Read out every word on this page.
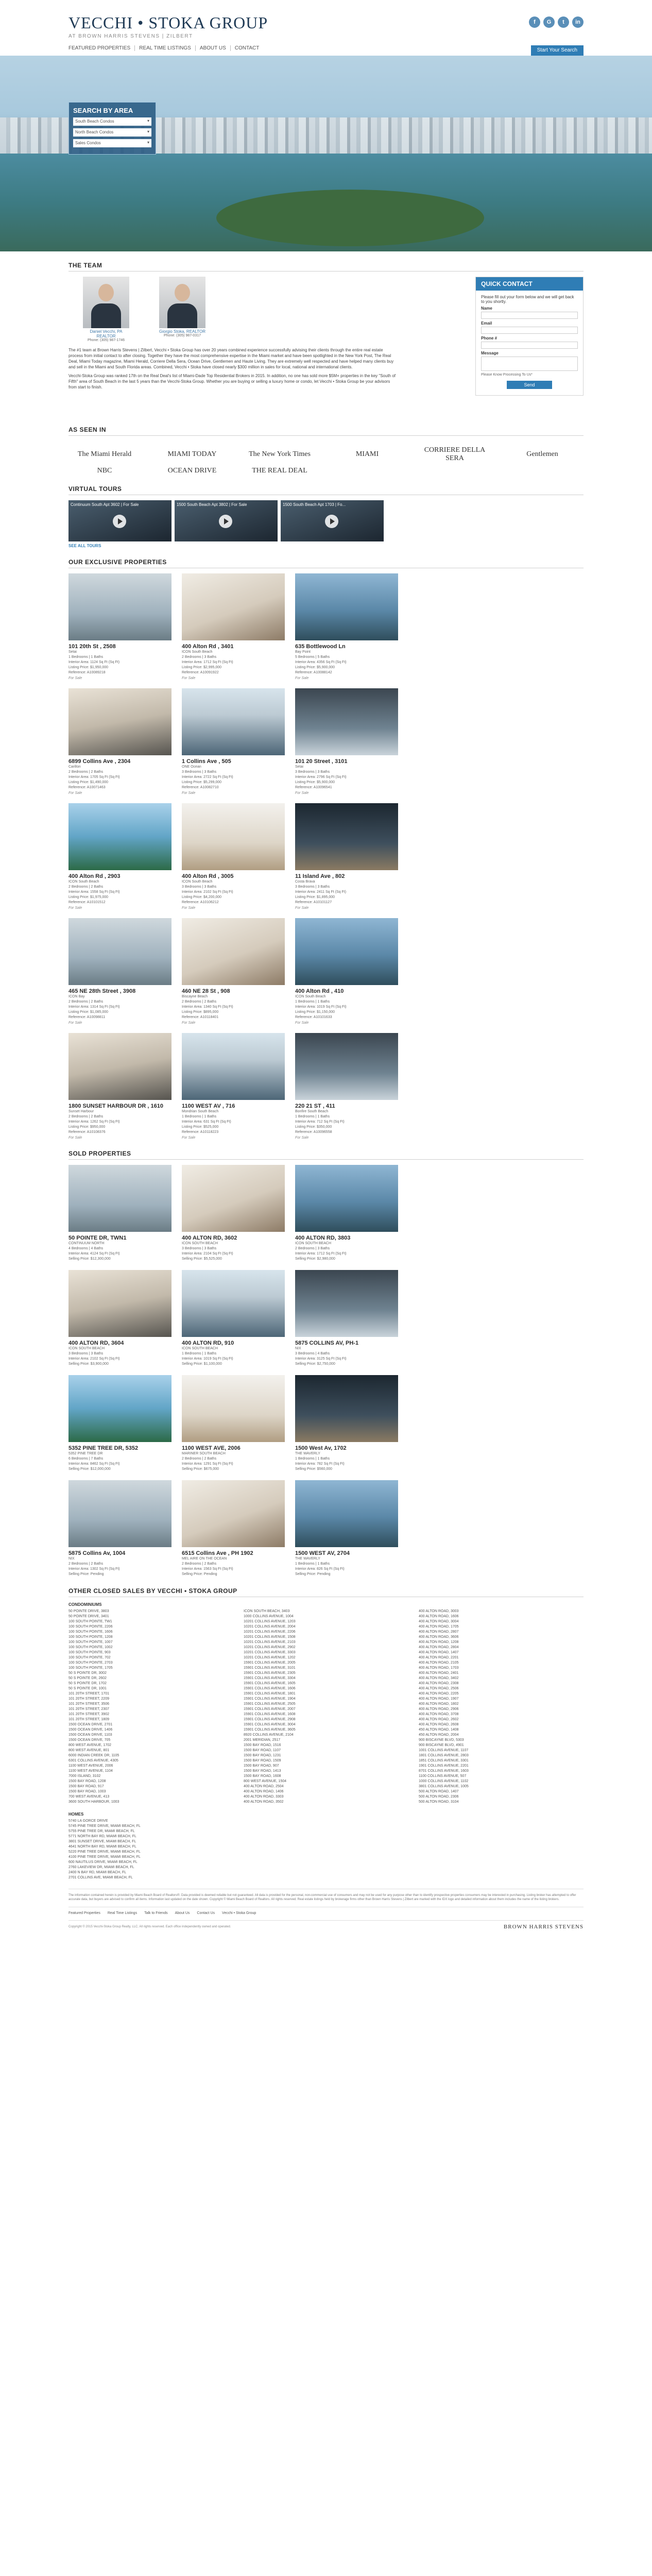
VECCHI • STOKA GROUP
AT BROWN HARRIS STEVENS | ZILBERT
f	G	t	in
FEATURED PROPERTIES	REAL TIME LISTINGS	ABOUT US	CONTACT	Start Your Search
SEARCH BY AREA
South Beach Condos ▾
North Beach Condos ▾
Sales Condos ▾
THE TEAM
Daniel Vecchi, PA REALTOR
Phone: (305) 987-1746
Giorgio Stoka, REALTOR
Phone: (305) 987-0317

The #1 team at Brown Harris Stevens | Zilbert, Vecchi • Stoka Group has over 20 years combined experience successfully advising their clients through the entire real estate process from initial contact to after closing. Together they have the most comprehensive expertise in the Miami market and have been spotlighted in the New York Post, The Real Deal, Miami Today magazine, Miami Herald, Corriere Della Sera, Ocean Drive, Gentlemen and Haute Living. They are extremely well respected and have helped many clients buy and sell in the Miami and South Florida areas. Combined, Vecchi • Stoka have closed nearly $300 million in sales for local, national and international clients.

Vecchi-Stoka Group was ranked 17th on the Real Deal's list of Miami-Dade Top Residential Brokers in 2015. In addition, no one has sold more $5M+ properties in the key "South of Fifth" area of South Beach in the last 5 years than the Vecchi-Stoka Group. Whether you are buying or selling a luxury home or condo, let Vecchi • Stoka Group be your advisors from start to finish.

QUICK CONTACT
Please fill out your form below and we will get back to you shortly.
Name
Email
Phone #
Message
Please Know Processing To Us*
Send
AS SEEN IN
The Miami Herald	MIAMI TODAY	The New York Times	MIAMI
CORRIERE DELLA SERA
Gentlemen
NBC	OCEAN DRIVE	THE REAL DEAL
VIRTUAL TOURS
Continuum South Apt 3602 | For Sale	1500 South Beach Apt 3802 | For Sale	1500 South Beach Apt 1703 | Fo...
SEE ALL TOURS
OUR EXCLUSIVE PROPERTIES
101 20th St , 2508
Setai
1 Bedrooms | 1 Baths
Interior Area: 1124 Sq Ft (Sq Ft)
Listing Price: $1,950,000
Reference: A10089218
For Sale
400 Alton Rd , 3401
ICON South Beach
2 Bedrooms | 3 Baths
Interior Area: 1712 Sq Ft (Sq Ft)
Listing Price: $2,995,000
Reference: A10091922
For Sale
635 Bottlewood Ln
Bay Point
5 Bedrooms | 5 Baths
Interior Area: 4356 Sq Ft (Sq Ft)
Listing Price: $5,900,000
Reference: A10088142
For Sale
6899 Collins Ave , 2304
Carillon
2 Bedrooms | 2 Baths
Interior Area: 1705 Sq Ft (Sq Ft)
Listing Price: $1,490,000
Reference: A10071463
For Sale
1 Collins Ave , 505
ONE Ocean
3 Bedrooms | 3 Baths
Interior Area: 2722 Sq Ft (Sq Ft)
Listing Price: $5,299,000
Reference: A10082710
For Sale
101 20 Street , 3101
Setai
3 Bedrooms | 3 Baths
Interior Area: 2796 Sq Ft (Sq Ft)
Listing Price: $5,900,000
Reference: A10096541
For Sale
400 Alton Rd , 2903
ICON South Beach
2 Bedrooms | 2 Baths
Interior Area: 1558 Sq Ft (Sq Ft)
Listing Price: $1,975,000
Reference: A10101512
For Sale
400 Alton Rd , 3005
ICON South Beach
3 Bedrooms | 3 Baths
Interior Area: 2102 Sq Ft (Sq Ft)
Listing Price: $4,200,000
Reference: A10106212
For Sale
11 Island Ave , 802
Costa Brava
3 Bedrooms | 3 Baths
Interior Area: 2411 Sq Ft (Sq Ft)
Listing Price: $1,895,000
Reference: A10101127
For Sale
465 NE 28th Street , 3908
ICON Bay
2 Bedrooms | 2 Baths
Interior Area: 1314 Sq Ft (Sq Ft)
Listing Price: $1,085,000
Reference: A10098811
For Sale
460 NE 28 St , 908
Biscayne Beach
2 Bedrooms | 2 Baths
Interior Area: 1340 Sq Ft (Sq Ft)
Listing Price: $895,000
Reference: A10118401
For Sale
400 Alton Rd , 410
ICON South Beach
1 Bedrooms | 1 Baths
Interior Area: 1019 Sq Ft (Sq Ft)
Listing Price: $1,150,000
Reference: A10101633
For Sale
1800 SUNSET HARBOUR DR , 1610
Sunset Harbour
2 Bedrooms | 2 Baths
Interior Area: 1262 Sq Ft (Sq Ft)
Listing Price: $950,000
Reference: A10108376
For Sale
1100 WEST AV , 716
Mondrian South Beach
1 Bedrooms | 1 Baths
Interior Area: 631 Sq Ft (Sq Ft)
Listing Price: $525,000
Reference: A10118223
For Sale
220 21 ST , 411
Bonfire South Beach
1 Bedrooms | 1 Baths
Interior Area: 712 Sq Ft (Sq Ft)
Listing Price: $350,000
Reference: A10096558
For Sale
SOLD PROPERTIES
50 POINTE DR, TWN1
CONTINUUM NORTH
4 Bedrooms | 4 Baths
Interior Area: 4124 Sq Ft (Sq Ft)
Selling Price: $12,300,000
400 ALTON RD, 3602
ICON SOUTH BEACH
3 Bedrooms | 3 Baths
Interior Area: 2104 Sq Ft (Sq Ft)
Selling Price: $5,525,000
400 ALTON RD, 3803
ICON SOUTH BEACH
2 Bedrooms | 3 Baths
Interior Area: 1712 Sq Ft (Sq Ft)
Selling Price: $2,980,000
400 ALTON RD, 3604
ICON SOUTH BEACH
3 Bedrooms | 3 Baths
Interior Area: 2102 Sq Ft (Sq Ft)
Selling Price: $3,900,000
400 ALTON RD, 910
ICON SOUTH BEACH
1 Bedrooms | 1 Baths
Interior Area: 1019 Sq Ft (Sq Ft)
Selling Price: $1,100,000
5875 COLLINS AV, PH-1
NIX
3 Bedrooms | 4 Baths
Interior Area: 3125 Sq Ft (Sq Ft)
Selling Price: $2,750,000
5352 PINE TREE DR, 5352
5352 PINE TREE DR
6 Bedrooms | 7 Baths
Interior Area: 8462 Sq Ft (Sq Ft)
Selling Price: $12,000,000
1100 WEST AVE, 2006
MARINER SOUTH BEACH
2 Bedrooms | 2 Baths
Interior Area: 1291 Sq Ft (Sq Ft)
Selling Price: $675,000
1500 West Av, 1702
THE WAVERLY
1 Bedrooms | 1 Baths
Interior Area: 782 Sq Ft (Sq Ft)
Selling Price: $560,000
5875 Collins Av, 1004
NIX
2 Bedrooms | 2 Baths
Interior Area: 1302 Sq Ft (Sq Ft)
Selling Price: Pending
6515 Collins Ave , PH 1902
MEL AIRE ON THE OCEAN
2 Bedrooms | 2 Baths
Interior Area: 1563 Sq Ft (Sq Ft)
Selling Price: Pending
1500 WEST AV, 2704
THE WAVERLY
1 Bedrooms | 1 Baths
Interior Area: 826 Sq Ft (Sq Ft)
Selling Price: Pending
OTHER CLOSED SALES BY VECCHI • STOKA GROUP
CONDOMINIUMS
50 POINTE DRIVE, 3803
50 POINTE DRIVE, 3401
100 SOUTH POINTE, TW1
100 SOUTH POINTE, 2206
100 SOUTH POINTE, 1606
100 SOUTH POINTE, 1208
100 SOUTH POINTE, 1007
100 SOUTH POINTE, 1002
100 SOUTH POINTE, 903
100 SOUTH POINTE, 702
100 SOUTH POINTE, 2703
100 SOUTH POINTE, 1705
50 S POINTE DR, 3002
50 S POINTE DR, 2602
50 S POINTE DR, 1702
50 S POINTE DR, 1001
101 20TH STREET, 1701
101 20TH STREET, 2209
101 20TH STREET, 3506
101 20TH STREET, 2307
101 20TH STREET, 3902
101 20TH STREET, 1809
1500 OCEAN DRIVE, 2701
1500 OCEAN DRIVE, 1406
1500 OCEAN DRIVE, 1103
1500 OCEAN DRIVE, 705
800 WEST AVENUE, 1702
800 WEST AVENUE, 801
6000 INDIAN CREEK DR, 1105
6301 COLLINS AVENUE, 4305
1100 WEST AVENUE, 2006
1100 WEST AVENUE, 1104
7000 ISLAND, 3102
1500 BAY ROAD, 1208
1500 BAY ROAD, 917
1500 BAY ROAD, 1003
700 WEST AVENUE, 413
3600 SOUTH HARBOUR, 1003
ICON SOUTH BEACH, 3403
1000 COLLINS AVENUE, 1004
10201 COLLINS AVENUE, 1203
10201 COLLINS AVENUE, 2004
10201 COLLINS AVENUE, 2206
10201 COLLINS AVENUE, 1508
10201 COLLINS AVENUE, 2103
10201 COLLINS AVENUE, 2902
10201 COLLINS AVENUE, 3303
10201 COLLINS AVENUE, 1202
15901 COLLINS AVENUE, 2005
15901 COLLINS AVENUE, 3101
15901 COLLINS AVENUE, 2305
15901 COLLINS AVENUE, 3304
15901 COLLINS AVENUE, 1605
15901 COLLINS AVENUE, 1606
15901 COLLINS AVENUE, 1801
15901 COLLINS AVENUE, 1904
15901 COLLINS AVENUE, 2505
15901 COLLINS AVENUE, 2007
15901 COLLINS AVENUE, 1608
15901 COLLINS AVENUE, 2908
15901 COLLINS AVENUE, 3004
15901 COLLINS AVENUE, 3605
8920 COLLINS AVENUE, 2104
2001 MERIDIAN, 2517
1500 BAY ROAD, 1516
1500 BAY ROAD, 1107
1500 BAY ROAD, 1231
1500 BAY ROAD, 1509
1500 BAY ROAD, 907
1500 BAY ROAD, 1413
1500 BAY ROAD, 1608
800 WEST AVENUE, 1504
400 ALTON ROAD, 2504
400 ALTON ROAD, 1406
400 ALTON ROAD, 3303
400 ALTON ROAD, 3502
400 ALTON ROAD, 3003
400 ALTON ROAD, 1606
400 ALTON ROAD, 3004
400 ALTON ROAD, 1705
400 ALTON ROAD, 2807
400 ALTON ROAD, 3606
400 ALTON ROAD, 1208
400 ALTON ROAD, 2804
400 ALTON ROAD, 1407
400 ALTON ROAD, 2201
400 ALTON ROAD, 2105
400 ALTON ROAD, 1703
400 ALTON ROAD, 2401
400 ALTON ROAD, 3402
400 ALTON ROAD, 2308
400 ALTON ROAD, 2506
400 ALTON ROAD, 2205
400 ALTON ROAD, 1907
400 ALTON ROAD, 1802
400 ALTON ROAD, 2906
400 ALTON ROAD, 3708
400 ALTON ROAD, 2602
400 ALTON ROAD, 2608
450 ALTON ROAD, 1408
450 ALTON ROAD, 2004
900 BISCAYNE BLVD, 5303
900 BISCAYNE BLVD, 4901
1001 COLLINS AVENUE, 1107
1801 COLLINS AVENUE, 2803
1851 COLLINS AVENUE, 3301
1901 COLLINS AVENUE, 2201
8701 COLLINS AVENUE, 1603
1100 COLLINS AVENUE, 507
1000 COLLINS AVENUE, 1102
3801 COLLINS AVENUE, 1005
500 ALTON ROAD, 1407
500 ALTON ROAD, 2306
500 ALTON ROAD, 3104
HOMES
5740 LA GORCE DRIVE
5745 PINE TREE DRIVE, MIAMI BEACH, FL
5755 PINE TREE DR, MIAMI BEACH, FL
5771 NORTH BAY RD, MIAMI BEACH, FL
3801 SUNSET DRIVE, MIAMI BEACH, FL
4641 NORTH BAY RD, MIAMI BEACH, FL
5220 PINE TREE DRIVE, MIAMI BEACH, FL
4100 PINE TREE DRIVE, MIAMI BEACH, FL
600 NAUTILUS DRIVE, MIAMI BEACH, FL
2760 LAKEVIEW DR, MIAMI BEACH, FL
2400 N BAY RD, MIAMI BEACH, FL
2701 COLLINS AVE, MIAMI BEACH, FL
The information contained herein is provided by Miami Beach Board of Realtors®. Data provided is deemed reliable but not guaranteed. All data is provided for the personal, non-commercial use of consumers and may not be used for any purpose other than to identify prospective properties consumers may be interested in purchasing. Listing broker has attempted to offer accurate data, but buyers are advised to confirm all items. Information last updated on the date shown. Copyright © Miami Beach Board of Realtors. All rights reserved. Real estate listings held by brokerage firms other than Brown Harris Stevens | Zilbert are marked with the IDX logo and detailed information about them includes the name of the listing brokers.
Featured Properties Real Time Listings Talk to Friends About Us Contact Us Vecchi • Stoka Group
Copyright © 2015 Vecchi-Stoka Group Realty, LLC. All rights reserved. Each office independently owned and operated.	BROWN HARRIS STEVENS
